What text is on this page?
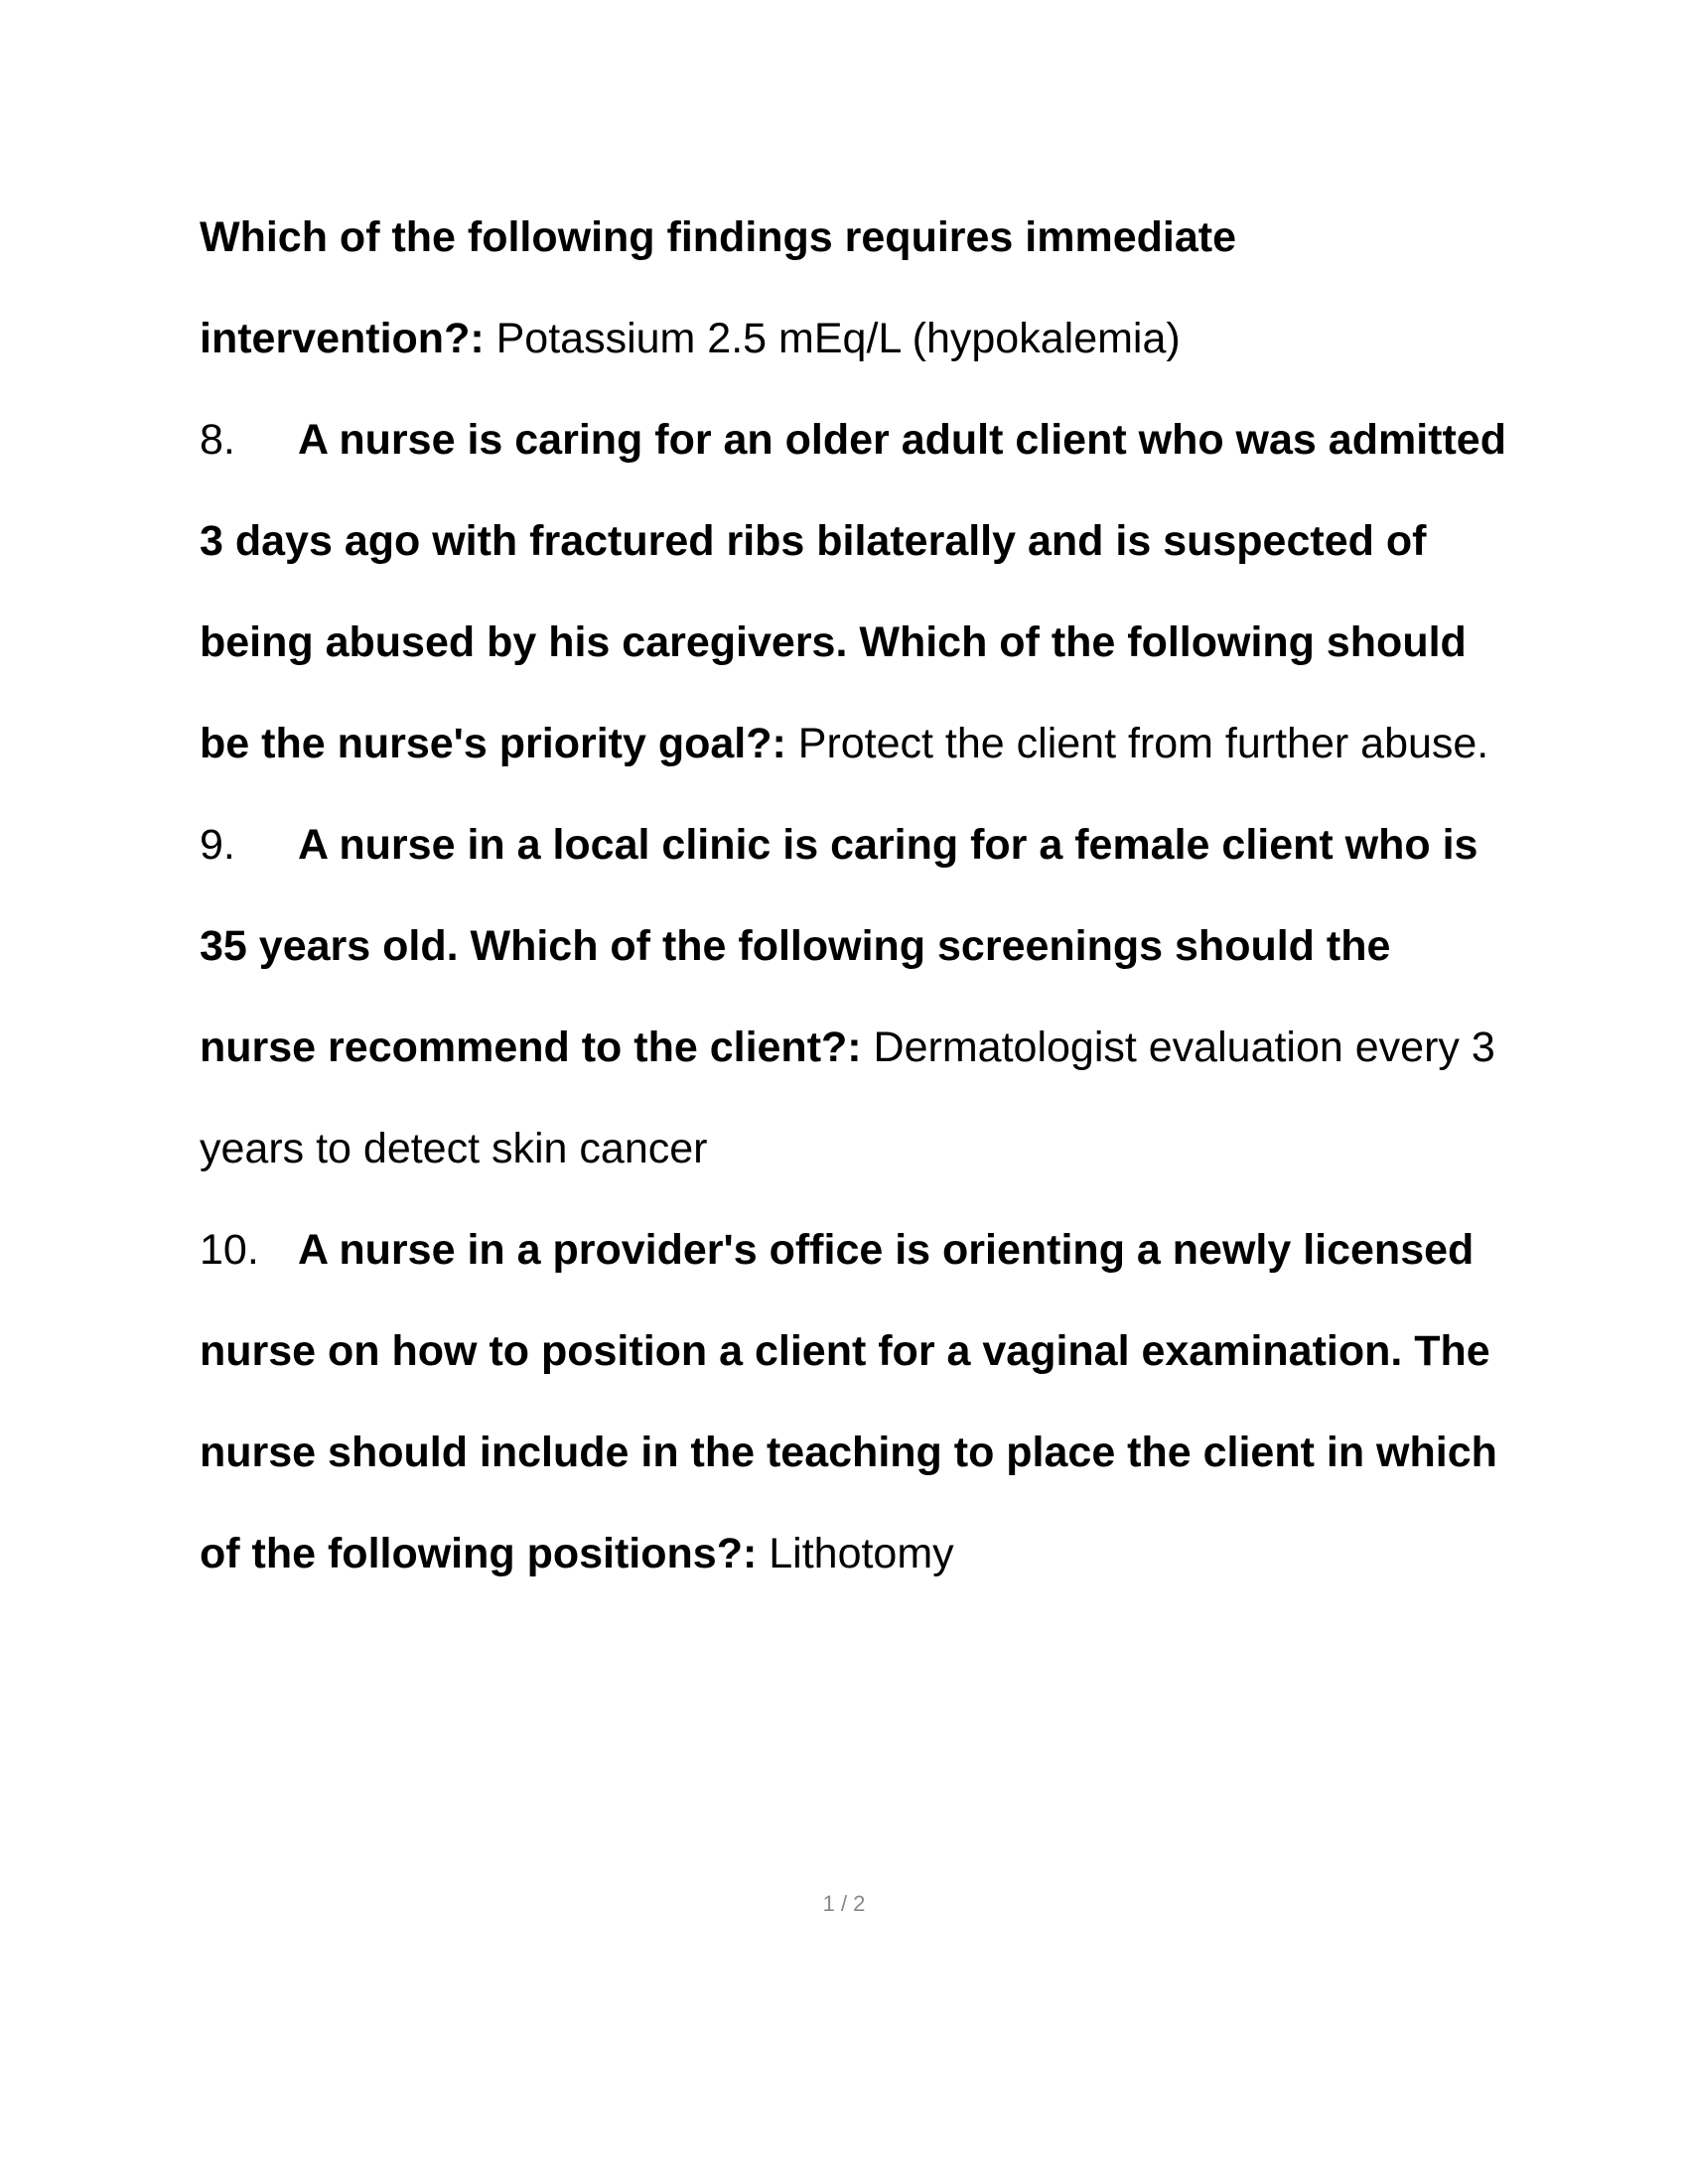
Which of the following findings requires immediate intervention?: Potassium 2.5 mEq/L (hypokalemia)

8. A nurse is caring for an older adult client who was admitted 3 days ago with fractured ribs bilaterally and is suspected of being abused by his caregivers. Which of the following should be the nurse's priority goal?: Protect the client from further abuse.

9. A nurse in a local clinic is caring for a female client who is 35 years old. Which of the following screenings should the nurse recommend to the client?: Dermatologist evaluation every 3 years to detect skin cancer

10. A nurse in a provider's office is orienting a newly licensed nurse on how to position a client for a vaginal examination. The nurse should include in the teaching to place the client in which of the following positions?: Lithotomy

1 / 2
